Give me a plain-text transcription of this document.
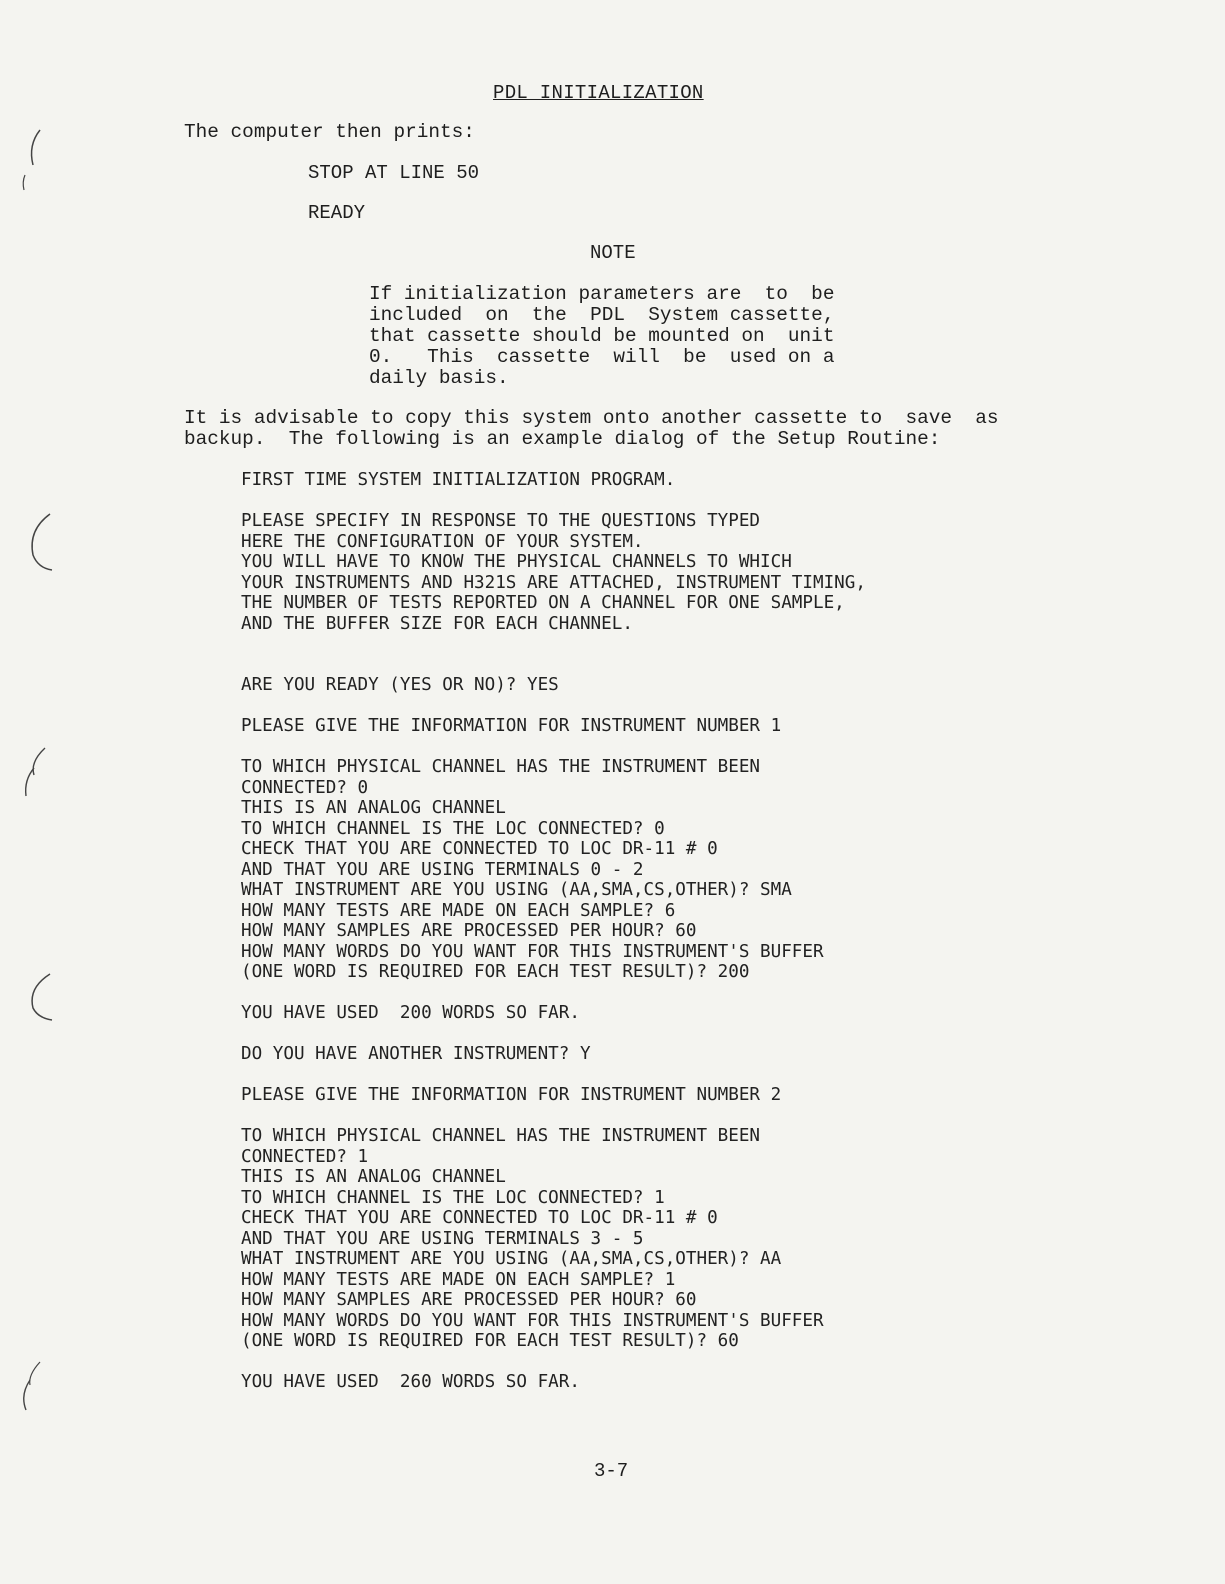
PDL INITIALIZATION
The computer then prints:
STOP AT LINE 50
READY
NOTE
If initialization parameters are  to  be
included  on  the  PDL  System cassette,
that cassette should be mounted on  unit
0.   This  cassette  will  be  used on a
daily basis.
It is advisable to copy this system onto another cassette to  save  as
backup.  The following is an example dialog of the Setup Routine:
FIRST TIME SYSTEM INITIALIZATION PROGRAM.
PLEASE SPECIFY IN RESPONSE TO THE QUESTIONS TYPED
HERE THE CONFIGURATION OF YOUR SYSTEM.
YOU WILL HAVE TO KNOW THE PHYSICAL CHANNELS TO WHICH
YOUR INSTRUMENTS AND H321S ARE ATTACHED, INSTRUMENT TIMING,
THE NUMBER OF TESTS REPORTED ON A CHANNEL FOR ONE SAMPLE,
AND THE BUFFER SIZE FOR EACH CHANNEL.
ARE YOU READY (YES OR NO)? YES
PLEASE GIVE THE INFORMATION FOR INSTRUMENT NUMBER 1
TO WHICH PHYSICAL CHANNEL HAS THE INSTRUMENT BEEN
CONNECTED? 0
THIS IS AN ANALOG CHANNEL
TO WHICH CHANNEL IS THE LOC CONNECTED? 0
CHECK THAT YOU ARE CONNECTED TO LOC DR-11 # 0
AND THAT YOU ARE USING TERMINALS 0 - 2
WHAT INSTRUMENT ARE YOU USING (AA,SMA,CS,OTHER)? SMA
HOW MANY TESTS ARE MADE ON EACH SAMPLE? 6
HOW MANY SAMPLES ARE PROCESSED PER HOUR? 60
HOW MANY WORDS DO YOU WANT FOR THIS INSTRUMENT'S BUFFER
(ONE WORD IS REQUIRED FOR EACH TEST RESULT)? 200
YOU HAVE USED  200 WORDS SO FAR.
DO YOU HAVE ANOTHER INSTRUMENT? Y
PLEASE GIVE THE INFORMATION FOR INSTRUMENT NUMBER 2
TO WHICH PHYSICAL CHANNEL HAS THE INSTRUMENT BEEN
CONNECTED? 1
THIS IS AN ANALOG CHANNEL
TO WHICH CHANNEL IS THE LOC CONNECTED? 1
CHECK THAT YOU ARE CONNECTED TO LOC DR-11 # 0
AND THAT YOU ARE USING TERMINALS 3 - 5
WHAT INSTRUMENT ARE YOU USING (AA,SMA,CS,OTHER)? AA
HOW MANY TESTS ARE MADE ON EACH SAMPLE? 1
HOW MANY SAMPLES ARE PROCESSED PER HOUR? 60
HOW MANY WORDS DO YOU WANT FOR THIS INSTRUMENT'S BUFFER
(ONE WORD IS REQUIRED FOR EACH TEST RESULT)? 60
YOU HAVE USED  260 WORDS SO FAR.
3-7
